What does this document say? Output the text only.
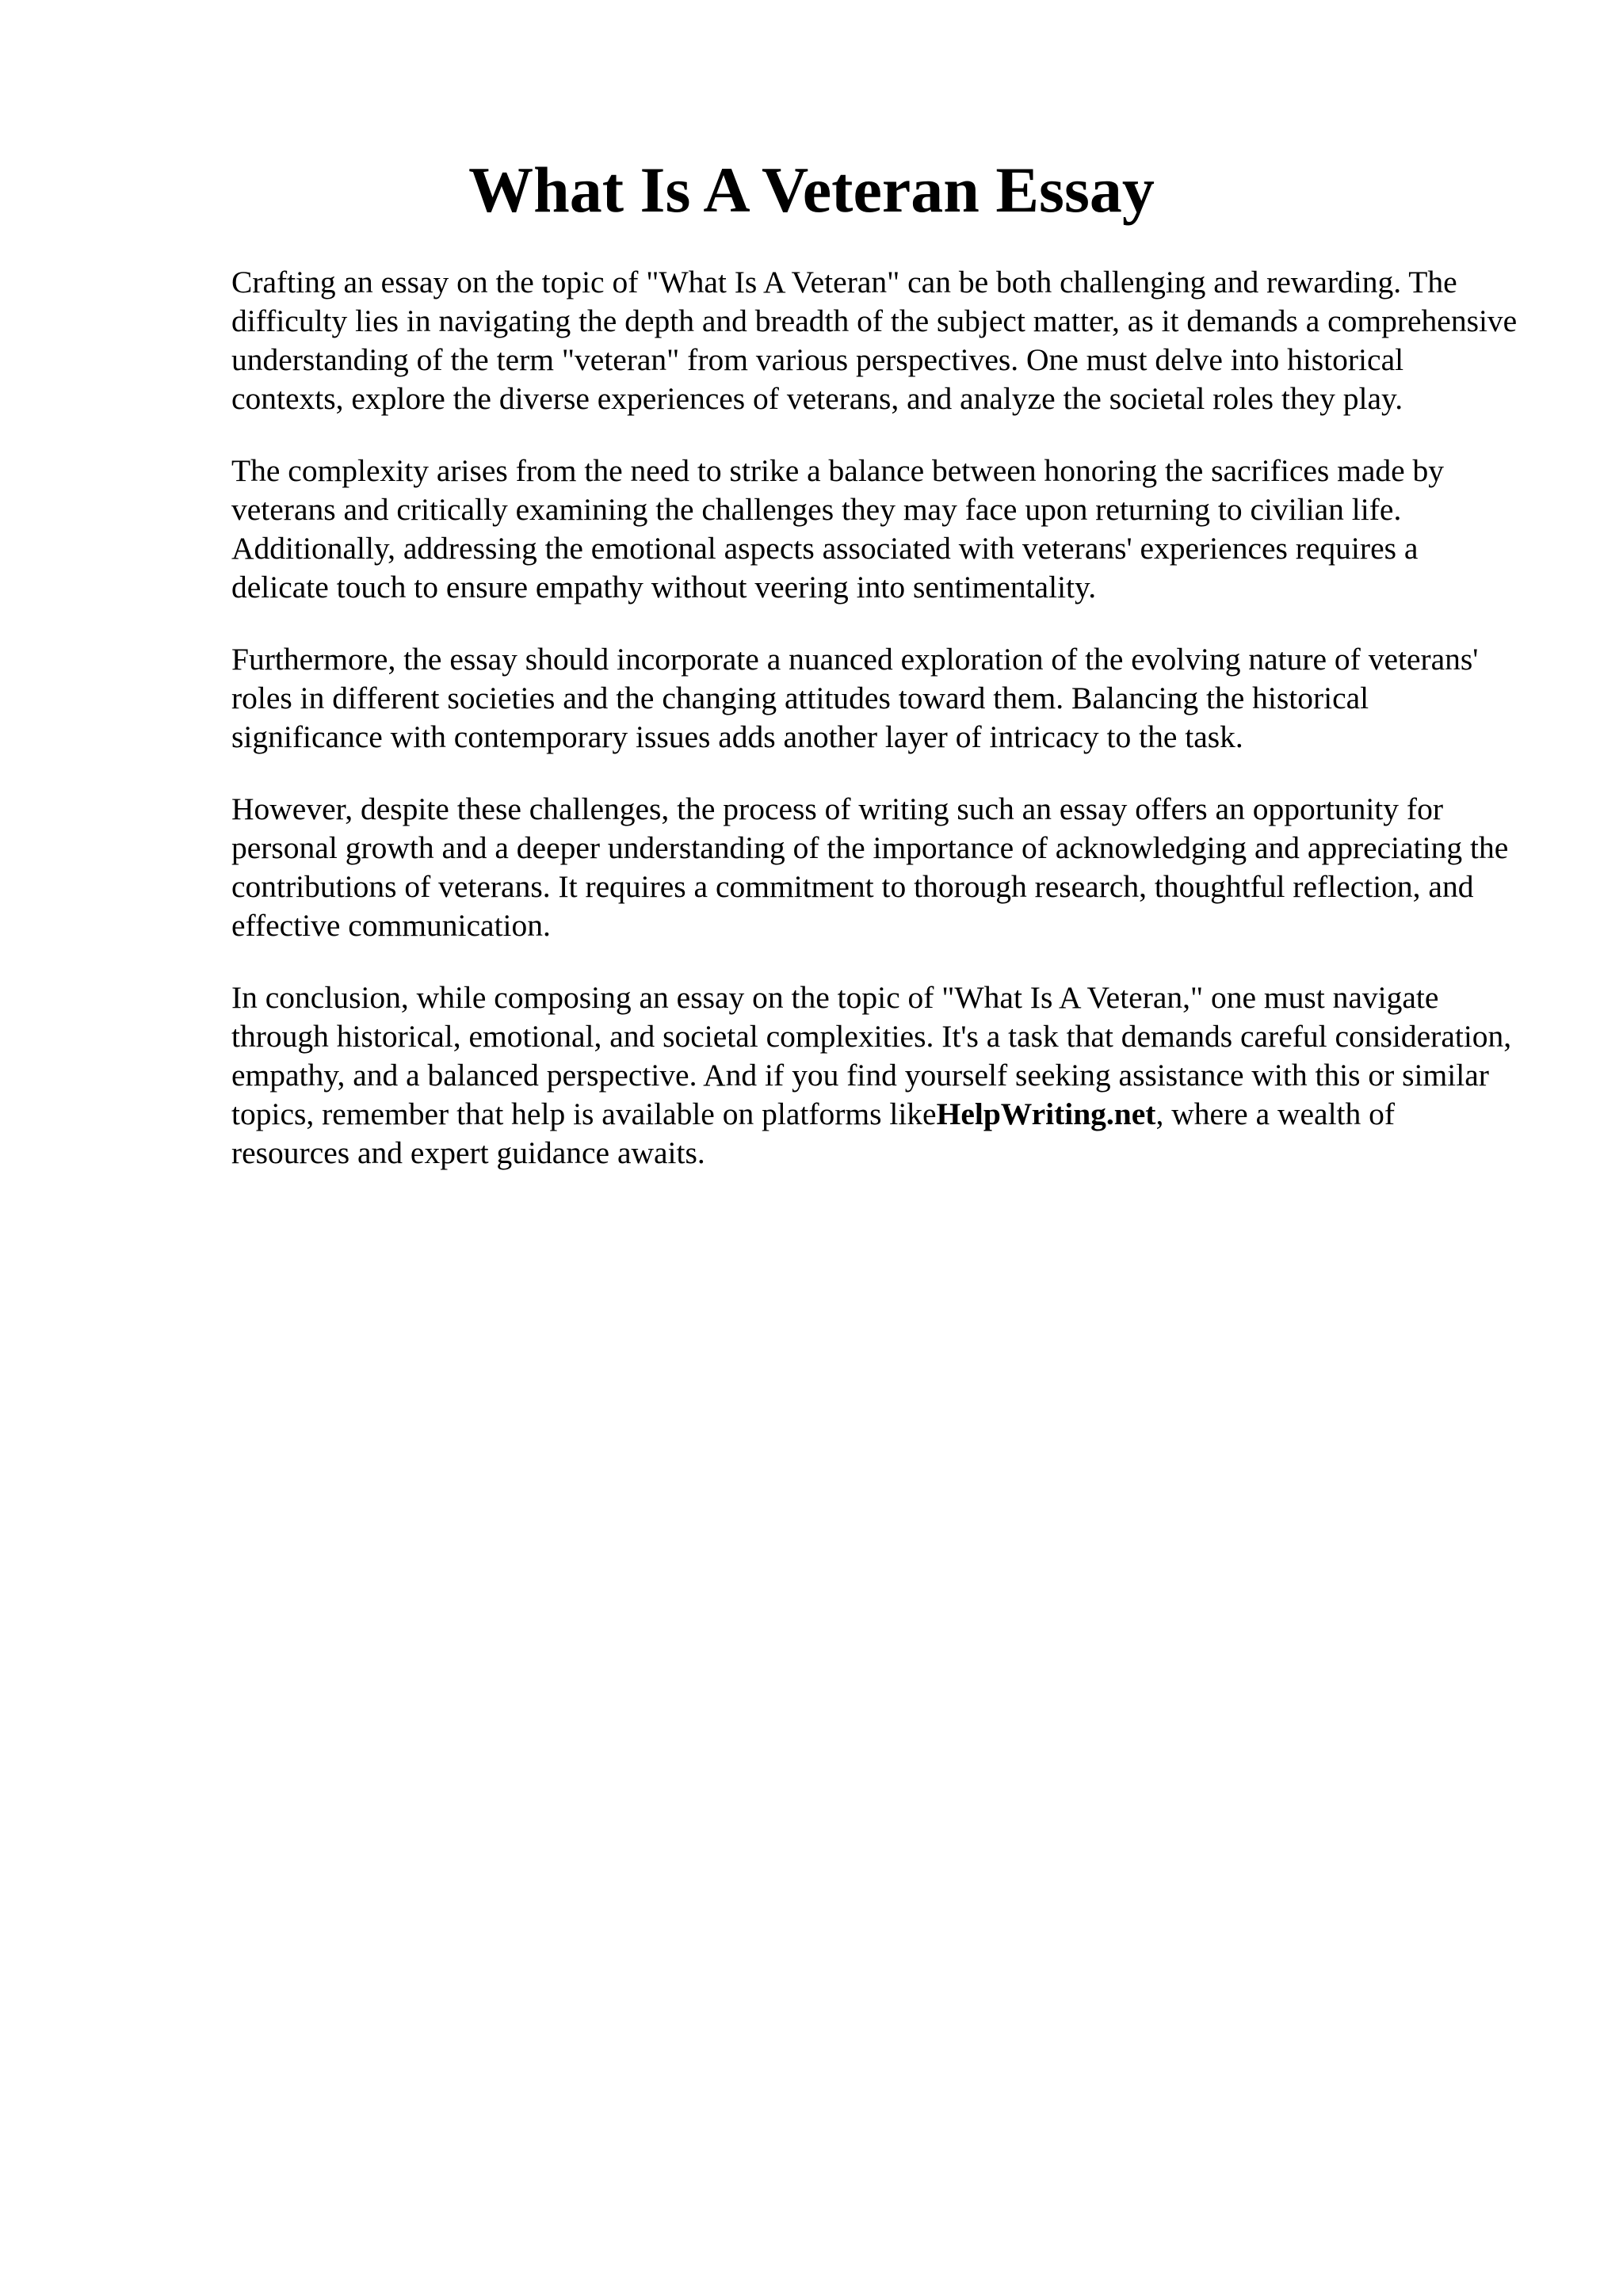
What Is A Veteran Essay

Crafting an essay on the topic of "What Is A Veteran" can be both challenging and rewarding. The difficulty lies in navigating the depth and breadth of the subject matter, as it demands a comprehensive understanding of the term "veteran" from various perspectives. One must delve into historical contexts, explore the diverse experiences of veterans, and analyze the societal roles they play.

The complexity arises from the need to strike a balance between honoring the sacrifices made by veterans and critically examining the challenges they may face upon returning to civilian life. Additionally, addressing the emotional aspects associated with veterans' experiences requires a delicate touch to ensure empathy without veering into sentimentality.

Furthermore, the essay should incorporate a nuanced exploration of the evolving nature of veterans' roles in different societies and the changing attitudes toward them. Balancing the historical significance with contemporary issues adds another layer of intricacy to the task.

However, despite these challenges, the process of writing such an essay offers an opportunity for personal growth and a deeper understanding of the importance of acknowledging and appreciating the contributions of veterans. It requires a commitment to thorough research, thoughtful reflection, and effective communication.

In conclusion, while composing an essay on the topic of "What Is A Veteran," one must navigate through historical, emotional, and societal complexities. It's a task that demands careful consideration, empathy, and a balanced perspective. And if you find yourself seeking assistance with this or similar topics, remember that help is available on platforms likeHelpWriting.net, where a wealth of resources and expert guidance awaits.
